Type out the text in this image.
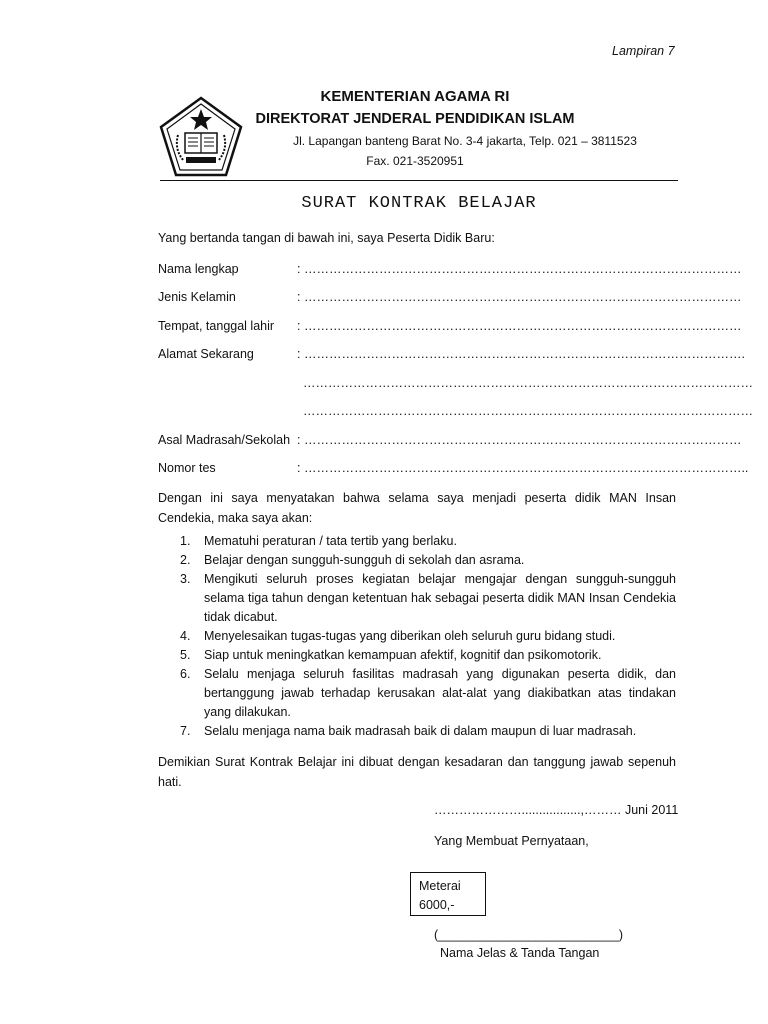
Lampiran 7
KEMENTERIAN AGAMA RI
DIREKTORAT JENDERAL PENDIDIKAN ISLAM
Jl. Lapangan banteng Barat No. 3-4 jakarta, Telp. 021 – 3811523
Fax. 021-3520951
SURAT KONTRAK BELAJAR
Yang bertanda tangan di bawah ini, saya Peserta Didik Baru:
Nama lengkap	: ……………………………………………………………………………………………
Jenis Kelamin	: ……………………………………………………………………………………………
Tempat, tanggal lahir : ……………………………………………………………………………………………
Alamat Sekarang	: …………………………………………………………………………………………….
………………………………………………………………………………………………
………………………………………………………………………………………………
Asal Madrasah/Sekolah : ……………………………………………………………………………………………
Nomor tes	: ……………………………………………………………………………………………..
Dengan ini saya menyatakan bahwa selama saya menjadi peserta didik MAN Insan Cendekia, maka saya akan:
1.	Mematuhi peraturan / tata tertib yang berlaku.
2.	Belajar dengan sungguh-sungguh di sekolah dan asrama.
3.	Mengikuti seluruh proses kegiatan belajar mengajar dengan sungguh-sungguh selama tiga tahun dengan ketentuan hak sebagai peserta didik MAN Insan Cendekia tidak dicabut.
4.	Menyelesaikan tugas-tugas yang diberikan oleh seluruh guru bidang studi.
5.	Siap untuk meningkatkan kemampuan afektif, kognitif dan psikomotorik.
6.	Selalu menjaga seluruh fasilitas madrasah yang digunakan peserta didik, dan bertanggung jawab terhadap kerusakan alat-alat yang diakibatkan atas tindakan yang dilakukan.
7.	Selalu menjaga nama baik madrasah baik di dalam maupun di luar madrasah.
Demikian Surat Kontrak Belajar ini dibuat dengan kesadaran dan tanggung jawab sepenuh hati.
………………….................,……… Juni 2011
Yang Membuat Pernyataan,
Meterai
6000,-
(__________________________)
Nama Jelas & Tanda Tangan
